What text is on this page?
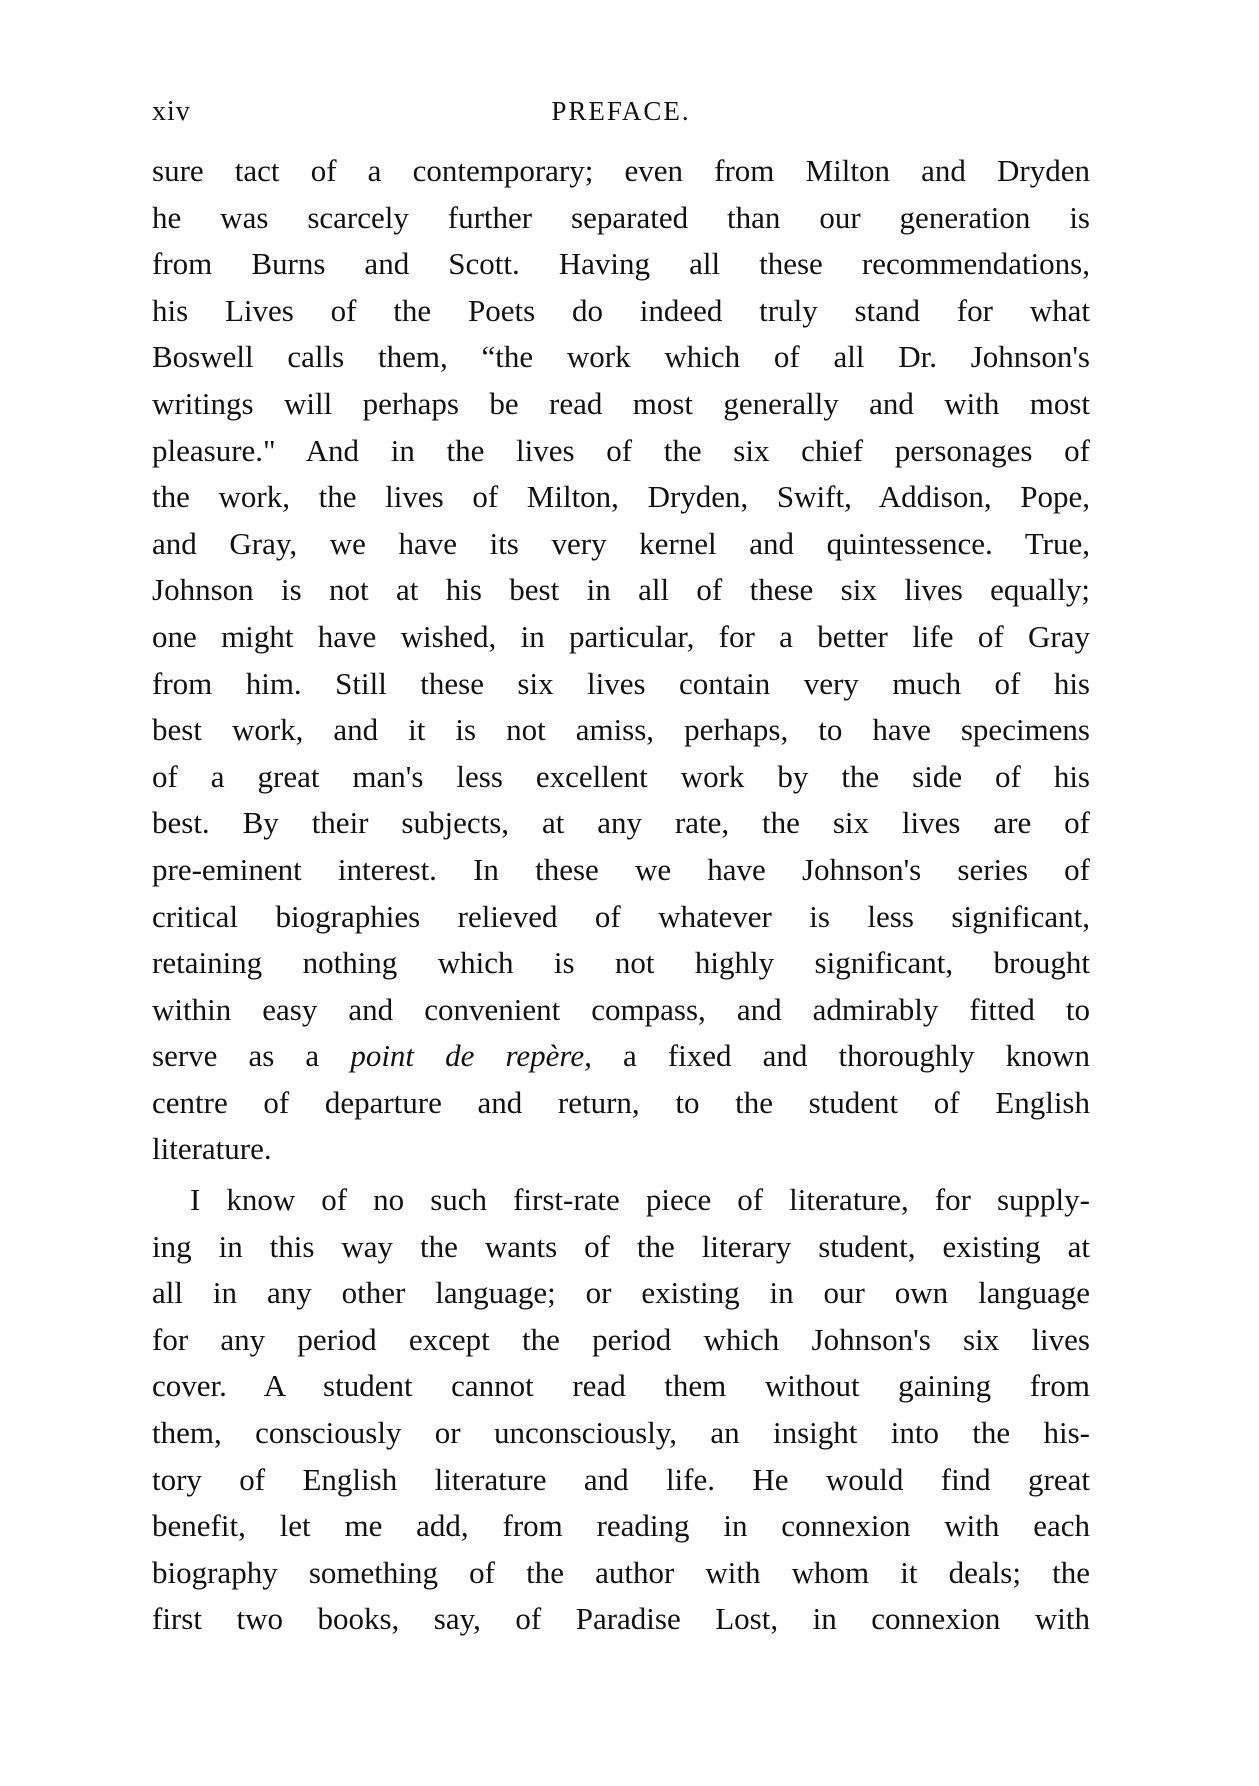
xiv	PREFACE.
sure tact of a contemporary; even from Milton and Dryden
he was scarcely further separated than our generation is
from Burns and Scott. Having all these recommendations,
his Lives of the Poets do indeed truly stand for what
Boswell calls them, “the work which of all Dr. Johnson's
writings will perhaps be read most generally and with most
pleasure." And in the lives of the six chief personages of
the work, the lives of Milton, Dryden, Swift, Addison, Pope,
and Gray, we have its very kernel and quintessence. True,
Johnson is not at his best in all of these six lives equally;
one might have wished, in particular, for a better life of Gray
from him. Still these six lives contain very much of his
best work, and it is not amiss, perhaps, to have specimens
of a great man's less excellent work by the side of his
best. By their subjects, at any rate, the six lives are of
pre-eminent interest. In these we have Johnson's series of
critical biographies relieved of whatever is less significant,
retaining nothing which is not highly significant, brought
within easy and convenient compass, and admirably fitted to
serve as a point de repère, a fixed and thoroughly known
centre of departure and return, to the student of English
literature.
I know of no such first-rate piece of literature, for supply-
ing in this way the wants of the literary student, existing at
all in any other language; or existing in our own language
for any period except the period which Johnson's six lives
cover. A student cannot read them without gaining from
them, consciously or unconsciously, an insight into the his-
tory of English literature and life. He would find great
benefit, let me add, from reading in connexion with each
biography something of the author with whom it deals; the
first two books, say, of Paradise Lost, in connexion with
